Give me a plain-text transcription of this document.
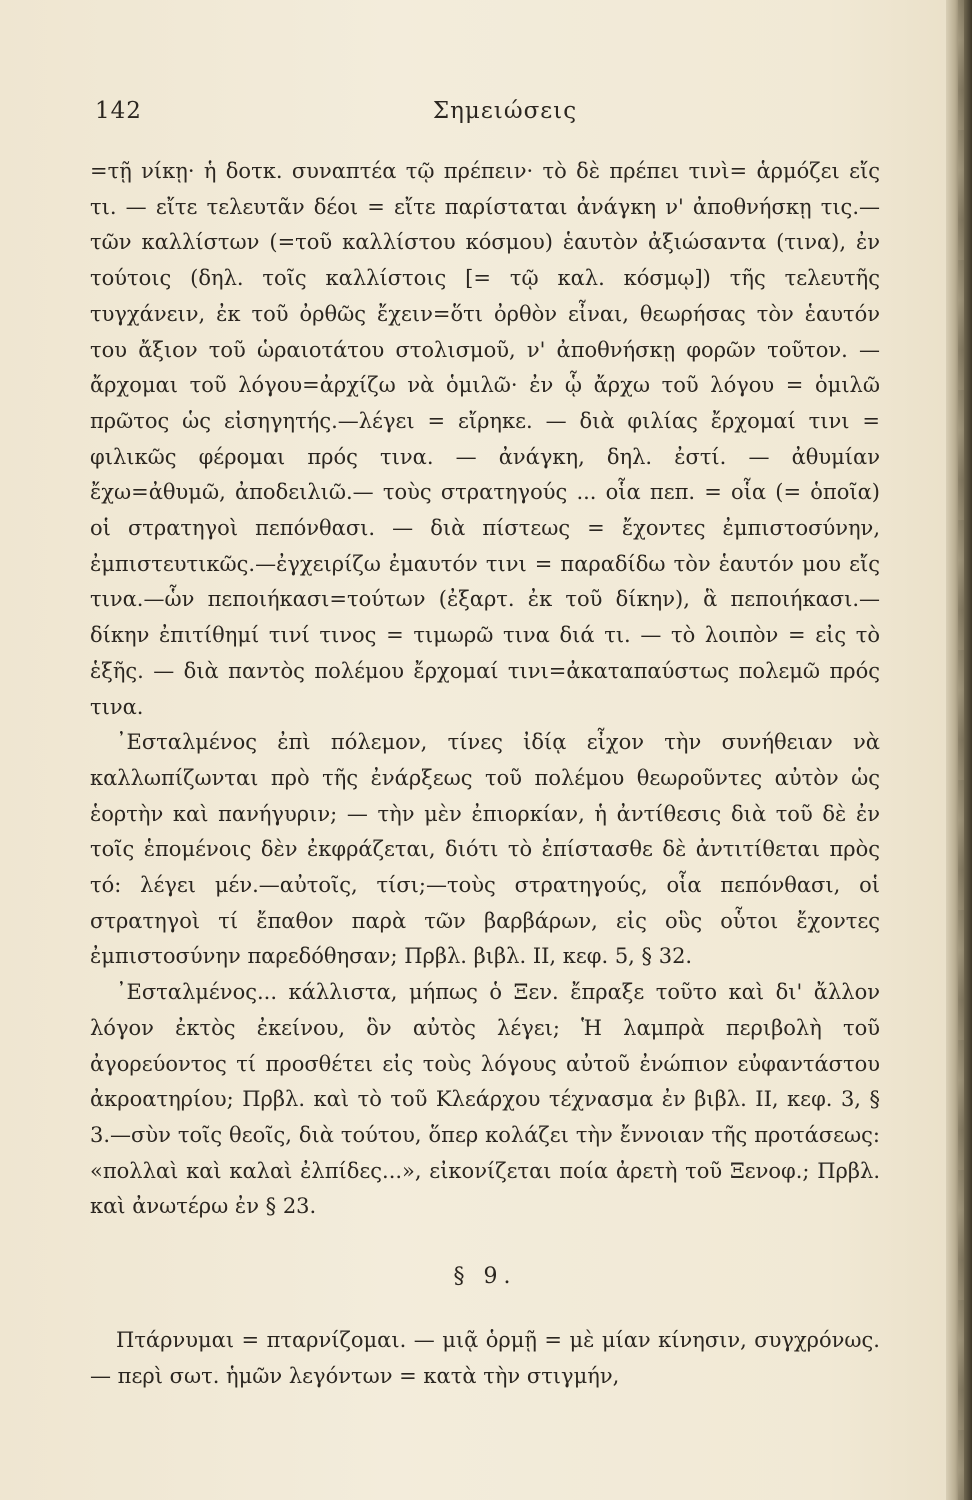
142	Σημειώσεις

=τῇ νίκῃ· ἡ δοτκ. συναπτέα τῷ πρέπειν· τὸ δὲ πρέπει τινὶ= ἁρμόζει εἴς τι. — εἴτε τελευτᾶν δέοι = εἴτε παρίσταται ἀνάγκη ν' ἀποθνήσκῃ τις.—τῶν καλλίστων (=τοῦ καλλίστου κόσμου) ἑαυτὸν ἀξιώσαντα (τινα), ἐν τούτοις (δηλ. τοῖς καλλίστοις [= τῷ καλ. κόσμῳ]) τῆς τελευτῆς τυγχάνειν, ἐκ τοῦ ὀρθῶς ἔχειν=ὅτι ὀρθὸν εἶναι, θεωρήσας τὸν ἑαυτόν του ἄξιον τοῦ ὡραιοτάτου στολισμοῦ, ν' ἀποθνήσκῃ φορῶν τοῦτον. — ἄρχομαι τοῦ λόγου=ἀρχίζω νὰ ὁμιλῶ· ἐν ᾧ ἄρχω τοῦ λόγου = ὁμιλῶ πρῶτος ὡς εἰσηγητής.—λέγει = εἴρηκε. — διὰ φιλίας ἔρχομαί τινι = φιλικῶς φέρομαι πρός τινα. — ἀνάγκη, δηλ. ἐστί. — ἀθυμίαν ἔχω=ἀθυμῶ, ἀποδειλιῶ.— τοὺς στρατηγούς ... οἷα πεπ. = οἷα (= ὁποῖα) οἱ στρατηγοὶ πεπόνθασι. — διὰ πίστεως = ἔχοντες ἐμπιστοσύνην, ἐμπιστευτικῶς.—ἐγχειρίζω ἐμαυτόν τινι = παραδίδω τὸν ἑαυτόν μου εἴς τινα.—ὧν πεποιήκασι=τούτων (ἐξαρτ. ἐκ τοῦ δίκην), ἃ πεποιήκασι.— δίκην ἐπιτίθημί τινί τινος = τιμωρῶ τινα διά τι. — τὸ λοιπὸν = εἰς τὸ ἑξῆς. — διὰ παντὸς πολέμου ἔρχομαί τινι=ἀκαταπαύστως πολεμῶ πρός τινα.

᾿Εσταλμένος ἐπὶ πόλεμον, τίνες ἰδίᾳ εἶχον τὴν συνήθειαν νὰ καλλωπίζωνται πρὸ τῆς ἐνάρξεως τοῦ πολέμου θεωροῦντες αὐτὸν ὡς ἑορτὴν καὶ πανήγυριν; — τὴν μὲν ἐπιορκίαν, ἡ ἀντίθεσις διὰ τοῦ δὲ ἐν τοῖς ἑπομένοις δὲν ἐκφράζεται, διότι τὸ ἐπίστασθε δὲ ἀντιτίθεται πρὸς τό: λέγει μέν.—αὐτοῖς, τίσι;—τοὺς στρατηγούς, οἷα πεπόνθασι, οἱ στρατηγοὶ τί ἔπαθον παρὰ τῶν βαρβάρων, εἰς οὓς οὗτοι ἔχοντες ἐμπιστοσύνην παρεδόθησαν; Πρβλ. βιβλ. II, κεφ. 5, § 32.

᾿Εσταλμένος... κάλλιστα, μήπως ὁ Ξεν. ἔπραξε τοῦτο καὶ δι' ἄλλον λόγον ἐκτὸς ἐκείνου, ὃν αὐτὸς λέγει; Ἡ λαμπρὰ περιβολὴ τοῦ ἀγορεύοντος τί προσθέτει εἰς τοὺς λόγους αὐτοῦ ἐνώπιον εὐφαντάστου ἀκροατηρίου; Πρβλ. καὶ τὸ τοῦ Κλεάρχου τέχνασμα ἐν βιβλ. II, κεφ. 3, § 3.—σὺν τοῖς θεοῖς, διὰ τούτου, ὅπερ κολάζει τὴν ἔννοιαν τῆς προτάσεως: «πολλαὶ καὶ καλαὶ ἐλπίδες...», εἰκονίζεται ποία ἀρετὴ τοῦ Ξενοφ.; Πρβλ. καὶ ἀνωτέρω ἐν § 23.

§ 9.

Πτάρνυμαι = πταρνίζομαι. — μιᾷ ὁρμῇ = μὲ μίαν κίνησιν, συγχρόνως. — περὶ σωτ. ἡμῶν λεγόντων = κατὰ τὴν στιγμήν,
